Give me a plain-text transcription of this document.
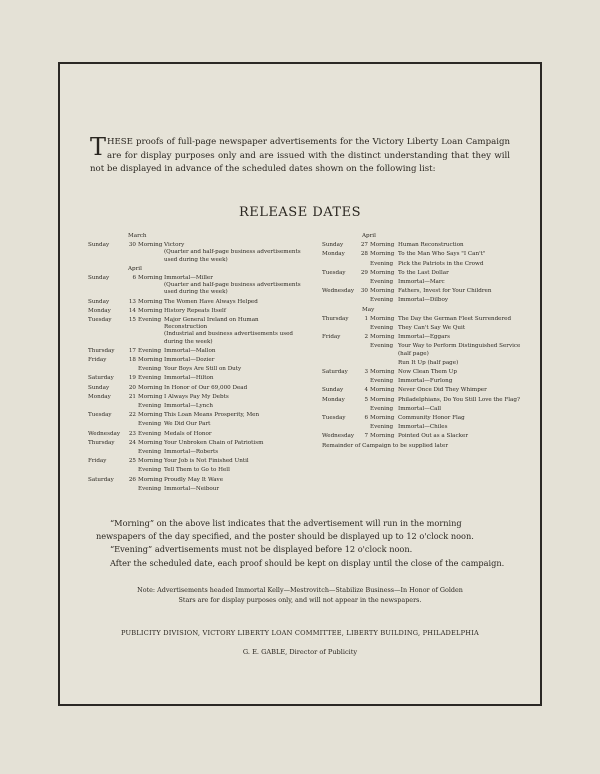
THESE proofs of full-page newspaper advertisements for the Victory Liberty Loan Campaign are for display purposes only and are issued with the distinct understanding that they will not be displayed in advance of the scheduled dates shown on the following list:
RELEASE DATES
March
Sunday	30 Morning Victory
(Quarter and half-page business advertisements used during the week)
April
Sunday	6 Morning Immortal—Miller
(Quarter and half-page business advertisements used during the week)
Sunday	13 Morning The Women Have Always Helped
Monday	14 Morning History Repeats Itself
Tuesday	15 Evening Major General Ireland on Human Reconstruction
(Industrial and business advertisements used during the week)
Thursday	17 Evening Immortal—Mallon
Friday	18 Morning Immortal—Dozier
Evening Your Boys Are Still on Duty
Saturday	19 Evening Immortal—Hilton
Sunday	20 Morning In Honor of Our 69,000 Dead
Monday	21 Morning I Always Pay My Debts
Evening Immortal—Lynch
Tuesday	22 Morning This Loan Means Prosperity, Men
Evening We Did Our Part
Wednesday	23 Evening Medals of Honor
Thursday	24 Morning Your Unbroken Chain of Patriotism
Evening Immortal—Roberts
Friday	25 Morning Your Job is Not Finished Until
Evening Tell Them to Go to Hell
Saturday	26 Morning Proudly May It Wave
Evening Immortal—Neibour
April
Sunday	27 Morning Human Reconstruction
Monday	28 Morning To the Man Who Says "I Can't"
Evening Pick the Patriots in the Crowd
Tuesday	29 Morning To the Last Dollar
Evening Immortal—Marc
Wednesday	30 Morning Fathers, Invest for Your Children
Evening Immortal—Dilboy
May
Thursday	1 Morning The Day the German Fleet Surrendered
Evening They Can't Say We Quit
Friday	2 Morning Immortal—Eggars
Evening Your Way to Perform Distinguished Service (half page)
Run It Up (half page)
Saturday	3 Morning Now Clean Them Up
Evening Immortal—Furlong
Sunday	4 Morning Never Once Did They Whimper
Monday	5 Morning Philadelphians, Do You Still Love the Flag?
Evening Immortal—Call
Tuesday	6 Morning Community Honor Flag
Evening Immortal—Chiles
Wednesday	7 Morning Pointed Out as a Slacker
Remainder of Campaign to be supplied later

“Morning” on the above list indicates that the advertisement will run in the morning newspapers of the day specified, and the poster should be displayed up to 12 o'clock noon.

“Evening” advertisements must not be displayed before 12 o'clock noon.

After the scheduled date, each proof should be kept on display until the close of the campaign.

Note: Advertisements headed Immortal Kelly—Mestrovitch—Stabilize Business—In Honor of Golden Stars are for display purposes only, and will not appear in the newspapers.
PUBLICITY DIVISION, VICTORY LIBERTY LOAN COMMITTEE, LIBERTY BUILDING, PHILADELPHIA
G. E. GABLE, Director of Publicity
